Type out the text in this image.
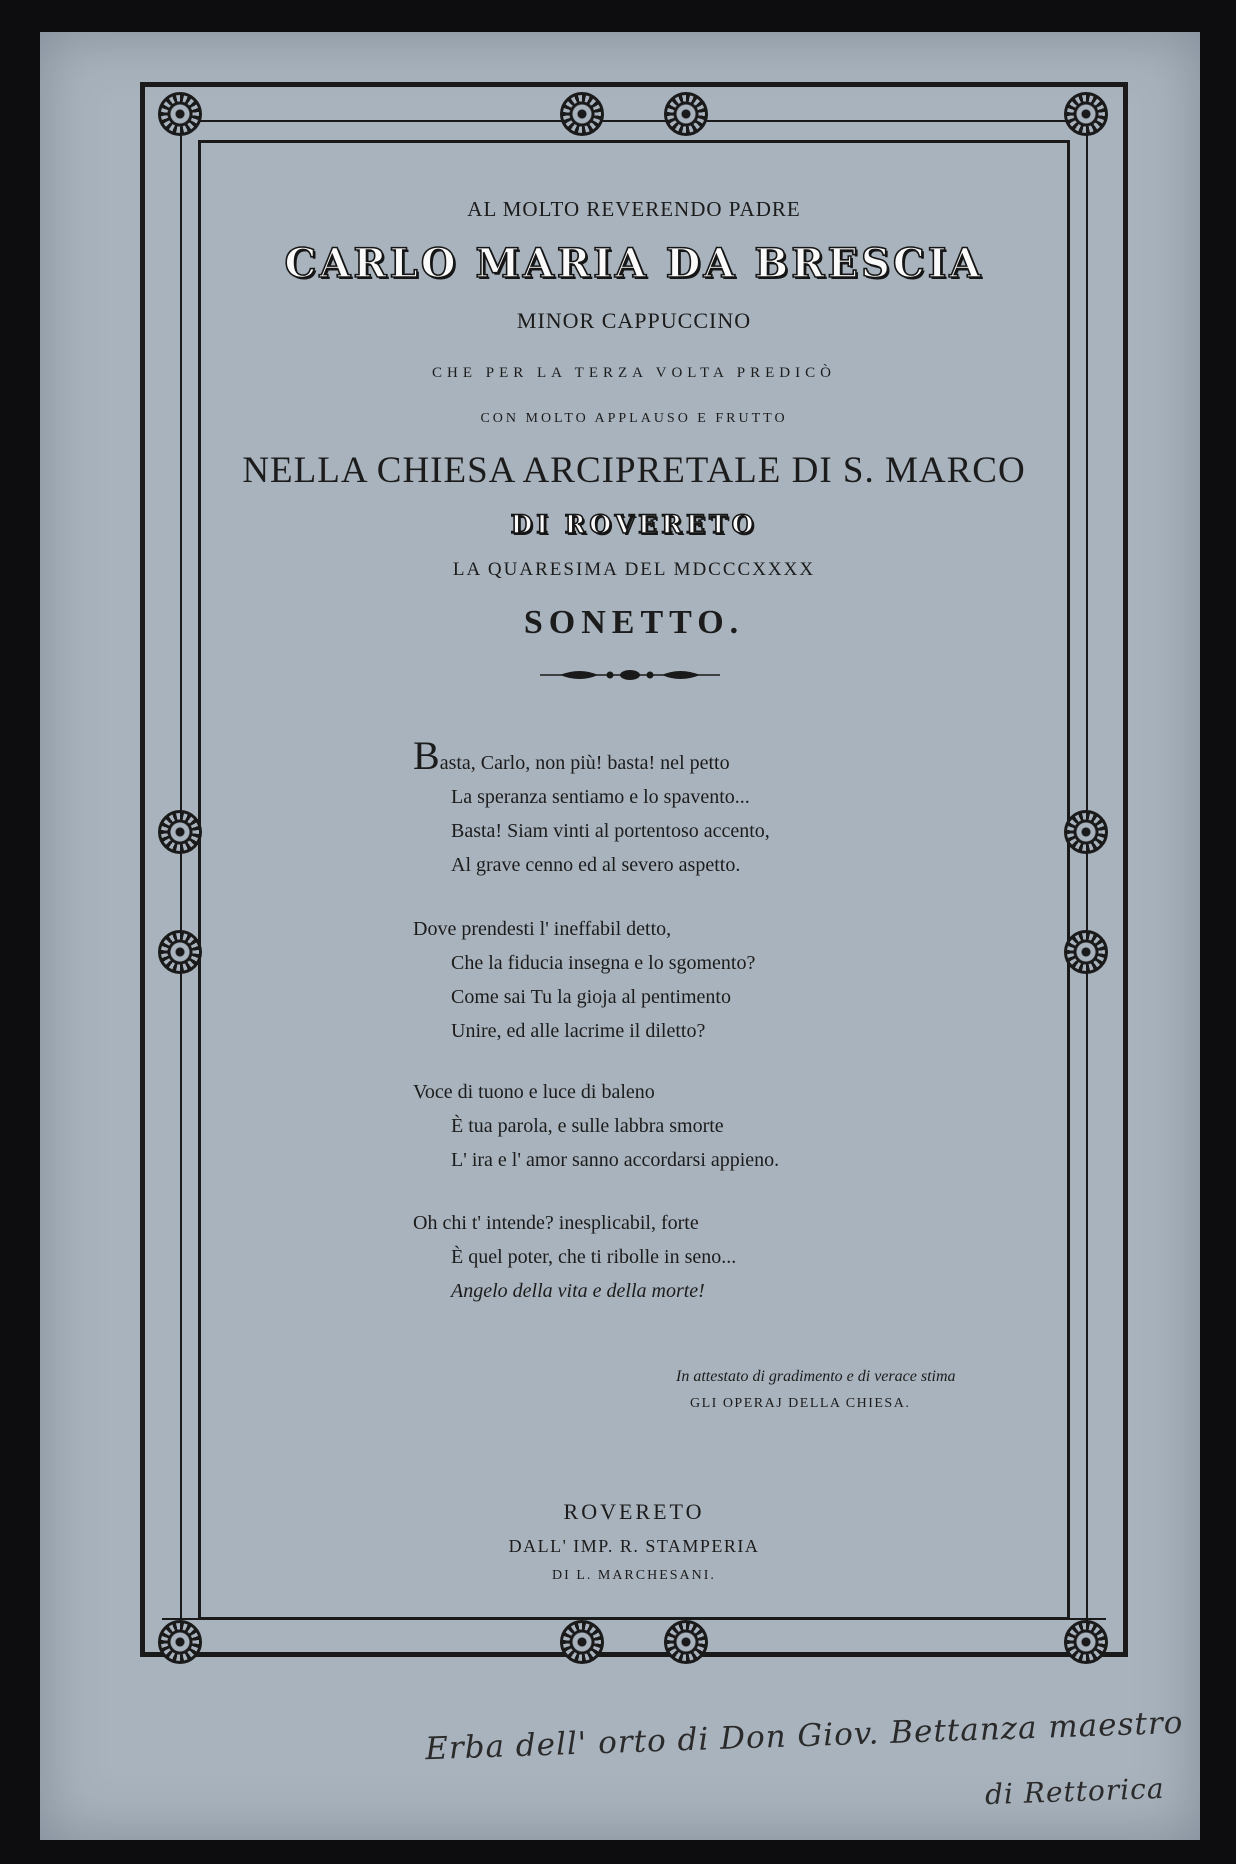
AL MOLTO REVERENDO PADRE
CARLO MARIA DA BRESCIA
MINOR CAPPUCCINO
CHE PER LA TERZA VOLTA PREDICÒ
CON MOLTO APPLAUSO E FRUTTO
NELLA CHIESA ARCIPRETALE DI S. MARCO
DI ROVERETO
LA QUARESIMA DEL MDCCCXXXX
SONETTO.
Basta, Carlo, non più! basta! nel petto
La speranza sentiamo e lo spavento...
Basta! Siam vinti al portentoso accento,
Al grave cenno ed al severo aspetto.
Dove prendesti l' ineffabil detto,
Che la fiducia insegna e lo sgomento?
Come sai Tu la gioja al pentimento
Unire, ed alle lacrime il diletto?
Voce di tuono e luce di baleno
È tua parola, e sulle labbra smorte
L' ira e l' amor sanno accordarsi appieno.
Oh chi t' intende? inesplicabil, forte
È quel poter, che ti ribolle in seno...
Angelo della vita e della morte!
In attestato di gradimento e di verace stima
GLI OPERAJ DELLA CHIESA.
ROVERETO
DALL' IMP. R. STAMPERIA
DI L. MARCHESANI.
Erba dell' orto di Don Giov. Bettanza maestro
di Rettorica
